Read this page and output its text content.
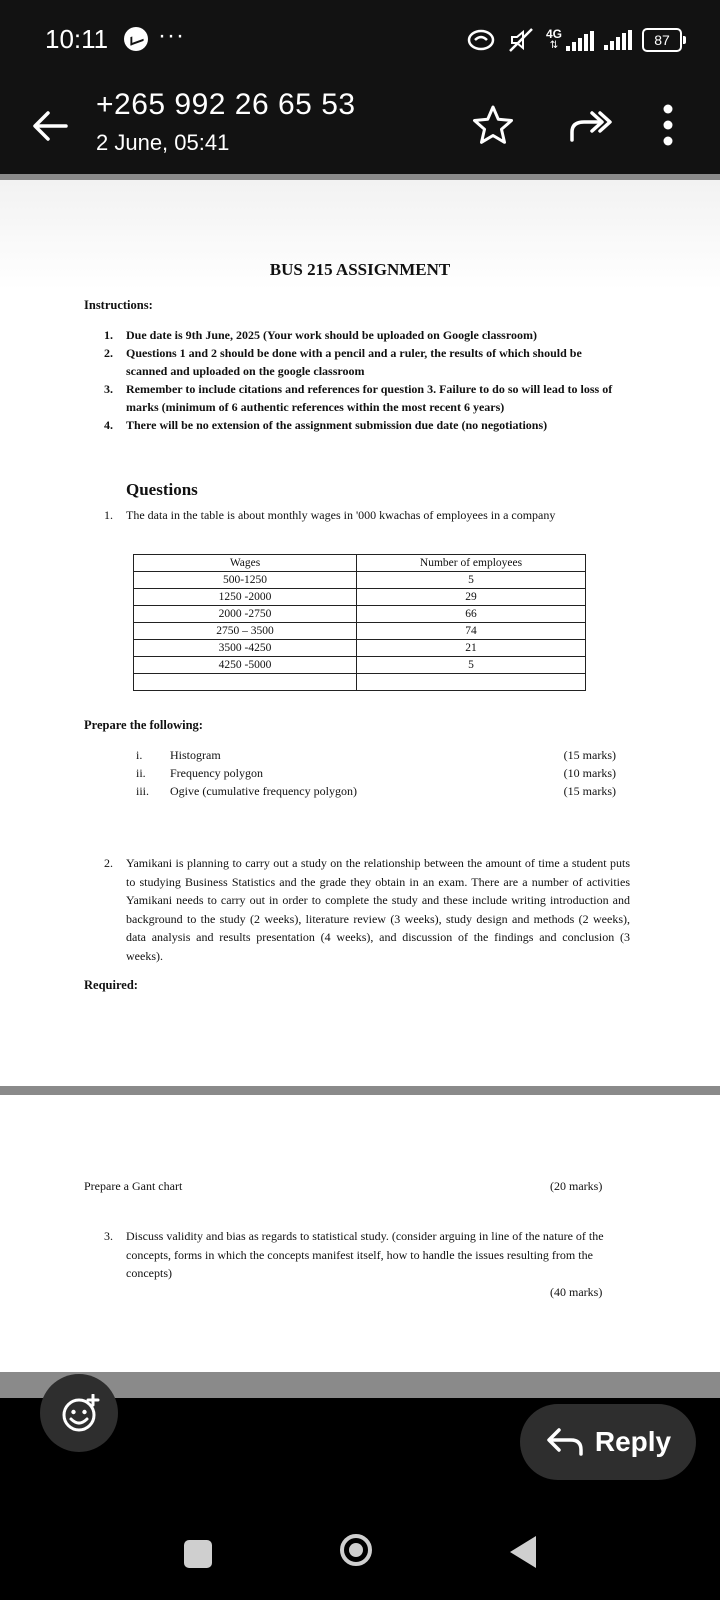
10:11 ···	4G
⇅	87
+265 992 26 65 53
2 June, 05:41
BUS 215 ASSIGNMENT
Instructions:
1. Due date is 9th June, 2025 (Your work should be uploaded on Google classroom)
2. Questions 1 and 2 should be done with a pencil and a ruler, the results of which should be scanned and uploaded on the google classroom
3. Remember to include citations and references for question 3. Failure to do so will lead to loss of marks (minimum of 6 authentic references within the most recent 6 years)
4. There will be no extension of the assignment submission due date (no negotiations)
Questions
1.	The data in the table is about monthly wages in '000 kwachas of employees in a company
Wages	Number of employees
500-1250	5
1250 -2000	29
2000 -2750	66
2750 – 3500	74
3500 -4250	21
4250 -5000	5

Prepare the following:
i. Histogram	(15 marks)
ii. Frequency polygon	(10 marks)
iii. Ogive (cumulative frequency polygon)	(15 marks)
2.	Yamikani is planning to carry out a study on the relationship between the amount of time a student puts to studying Business Statistics and the grade they obtain in an exam. There are a number of activities Yamikani needs to carry out in order to complete the study and these include writing introduction and background to the study (2 weeks), literature review (3 weeks), study design and methods (2 weeks), data analysis and results presentation (4 weeks), and discussion of the findings and conclusion (3 weeks).
Required:
Prepare a Gant chart	(20 marks)
3.	Discuss validity and bias as regards to statistical study. (consider arguing in line of the nature of the concepts, forms in which the concepts manifest itself, how to handle the issues resulting from the concepts)
(40 marks)
Reply
